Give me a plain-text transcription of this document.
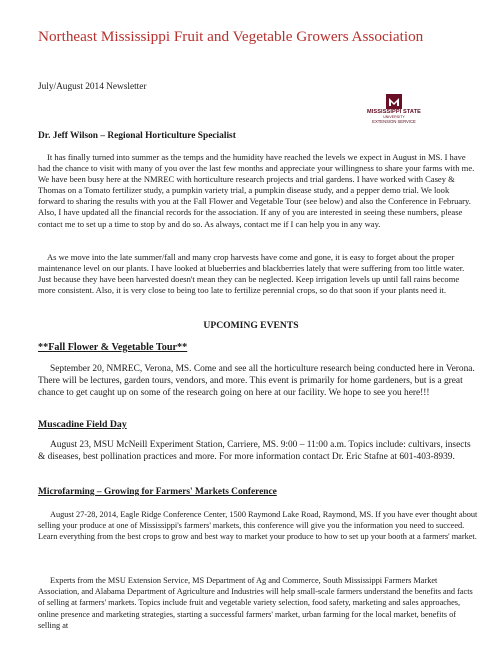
Northeast Mississippi Fruit and Vegetable Growers Association
July/August 2014 Newsletter
MISSISSIPPI STATE
UNIVERSITY
EXTENSION SERVICE
Dr. Jeff Wilson – Regional Horticulture Specialist

It has finally turned into summer as the temps and the humidity have reached the levels we expect in August in MS. I have had the chance to visit with many of you over the last few months and appreciate your willingness to share your farms with me. We have been busy here at the NMREC with horticulture research projects and trial gardens. I have worked with Casey & Thomas on a Tomato fertilizer study, a pumpkin variety trial, a pumpkin disease study, and a pepper demo trial. We look forward to sharing the results with you at the Fall Flower and Vegetable Tour (see below) and also the Conference in February. Also, I have updated all the financial records for the association. If any of you are interested in seeing these numbers, please contact me to set up a time to stop by and do so. As always, contact me if I can help you in any way.

As we move into the late summer/fall and many crop harvests have come and gone, it is easy to forget about the proper maintenance level on our plants. I have looked at blueberries and blackberries lately that were suffering from too little water. Just because they have been harvested doesn't mean they can be neglected. Keep irrigation levels up until fall rains become more consistent. Also, it is very close to being too late to fertilize perennial crops, so do that soon if your plants need it.

UPCOMING EVENTS
**Fall Flower & Vegetable Tour**

September 20, NMREC, Verona, MS. Come and see all the horticulture research being conducted here in Verona. There will be lectures, garden tours, vendors, and more. This event is primarily for home gardeners, but is a great chance to get caught up on some of the research going on here at our facility. We hope to see you here!!!

Muscadine Field Day

August 23, MSU McNeill Experiment Station, Carriere, MS. 9:00 – 11:00 a.m. Topics include: cultivars, insects & diseases, best pollination practices and more. For more information contact Dr. Eric Stafne at 601-403-8939.

Microfarming – Growing for Farmers' Markets Conference

August 27-28, 2014, Eagle Ridge Conference Center, 1500 Raymond Lake Road, Raymond, MS. If you have ever thought about selling your produce at one of Mississippi's farmers' markets, this conference will give you the information you need to succeed. Learn everything from the best crops to grow and best way to market your produce to how to set up your booth at a farmers' market.

Experts from the MSU Extension Service, MS Department of Ag and Commerce, South Mississippi Farmers Market Association, and Alabama Department of Agriculture and Industries will help small-scale farmers understand the benefits and facts of selling at farmers' markets. Topics include fruit and vegetable variety selection, food safety, marketing and sales approaches, online presence and marketing strategies, starting a successful farmers' market, urban farming for the local market, benefits of selling at
